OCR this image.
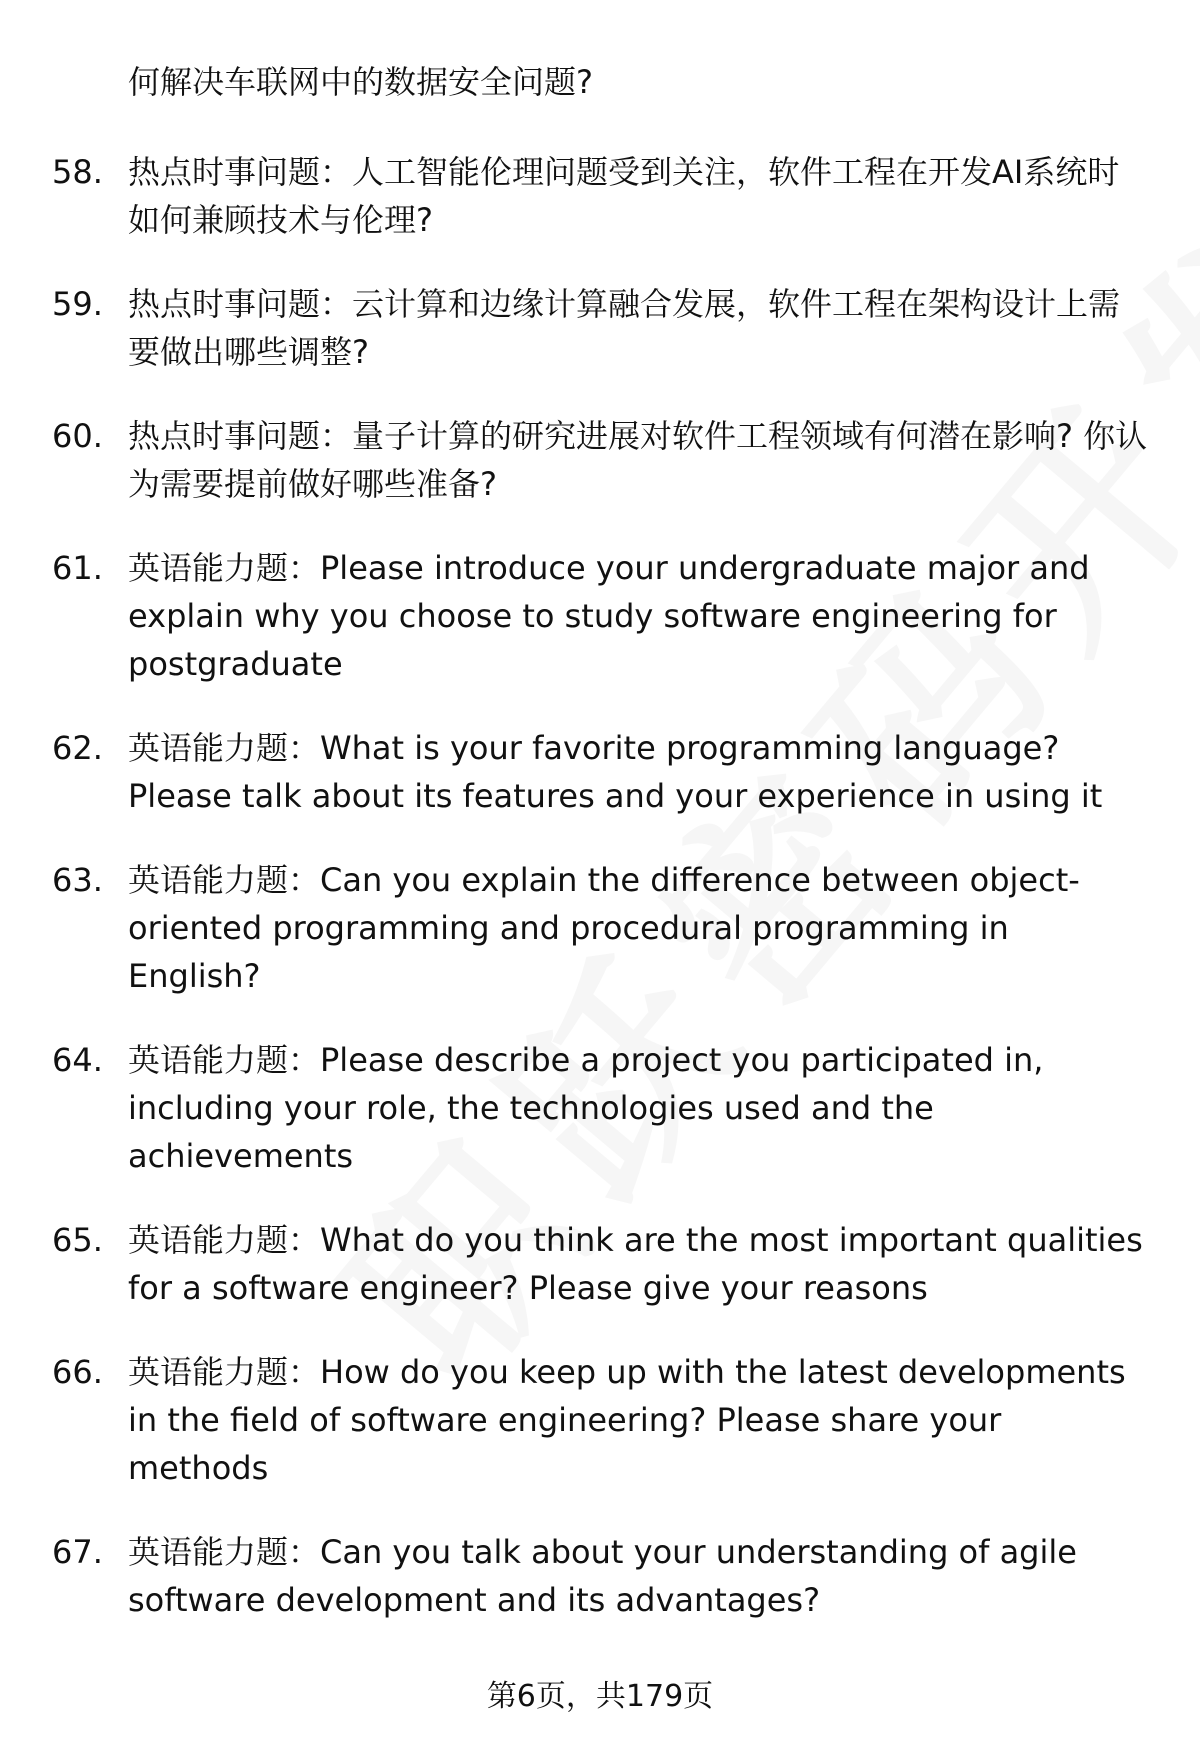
何解决车联网中的数据安全问题?
58. 热点时事问题：人工智能伦理问题受到关注，软件工程在开发AI系统时如何兼顾技术与伦理?
59. 热点时事问题：云计算和边缘计算融合发展，软件工程在架构设计上需要做出哪些调整?
60. 热点时事问题：量子计算的研究进展对软件工程领域有何潜在影响? 你认为需要提前做好哪些准备?
61. 英语能力题：Please introduce your undergraduate major and explain why you choose to study software engineering for postgraduate
62. 英语能力题：What is your favorite programming language? Please talk about its features and your experience in using it
63. 英语能力题：Can you explain the difference between object-oriented programming and procedural programming in English?
64. 英语能力题：Please describe a project you participated in, including your role, the technologies used and the achievements
65. 英语能力题：What do you think are the most important qualities for a software engineer? Please give your reasons
66. 英语能力题：How do you keep up with the latest developments in the field of software engineering? Please share your methods
67. 英语能力题：Can you talk about your understanding of agile software development and its advantages?
第6页，共179页
